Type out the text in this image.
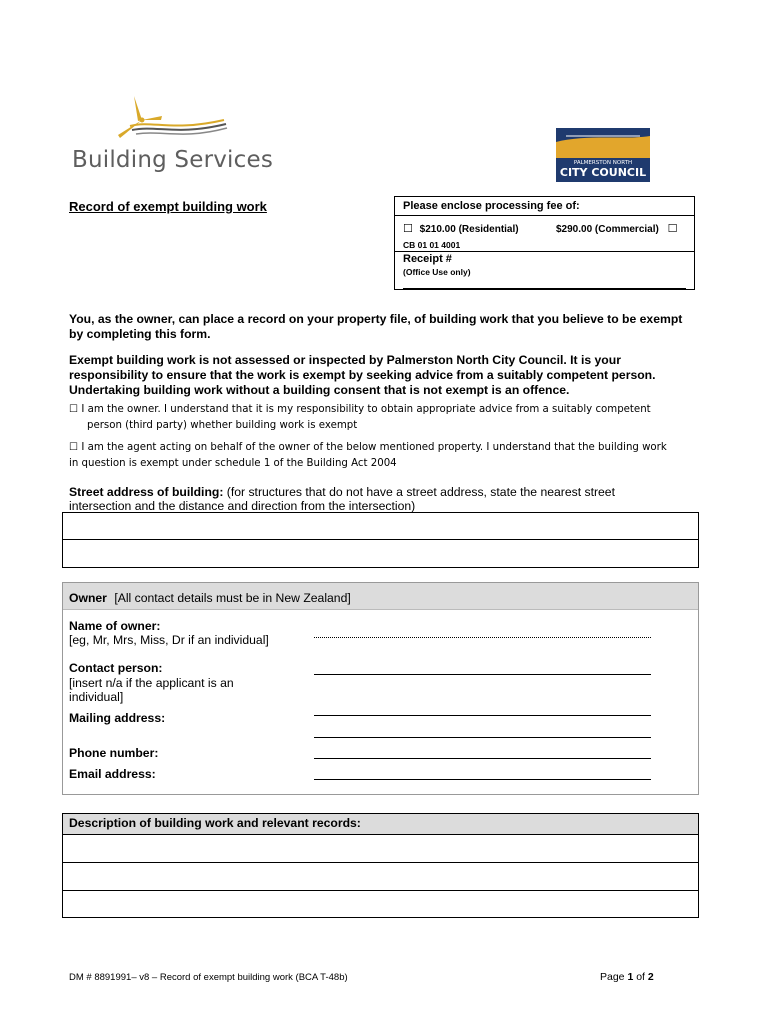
Building Services	PALMERSTON NORTH
CITY COUNCIL
Record of exempt building work	Please enclose processing fee of:
☐ $210.00 (Residential)	$290.00 (Commercial) ☐
CB 01 01 4001
Receipt #
(Office Use only)
You, as the owner, can place a record on your property file, of building work that you believe to be exempt by completing this form.
Exempt building work is not assessed or inspected by Palmerston North City Council. It is your
responsibility to ensure that the work is exempt by seeking advice from a suitably competent person.
Undertaking building work without a building consent that is not exempt is an offence.
☐ I am the owner. I understand that it is my responsibility to obtain appropriate advice from a suitably competent
person (third party) whether building work is exempt
☐ I am the agent acting on behalf of the owner of the below mentioned property. I understand that the building work
in question is exempt under schedule 1 of the Building Act 2004
Street address of building: (for structures that do not have a street address, state the nearest street
intersection and the distance and direction from the intersection)
Owner [All contact details must be in New Zealand]
Name of owner:
[eg, Mr, Mrs, Miss, Dr if an individual]
Contact person:
[insert n/a if the applicant is an
individual]
Mailing address:
Phone number:
Email address:
Description of building work and relevant records:
DM # 8891991– v8 – Record of exempt building work (BCA T-48b)	Page 1 of 2
